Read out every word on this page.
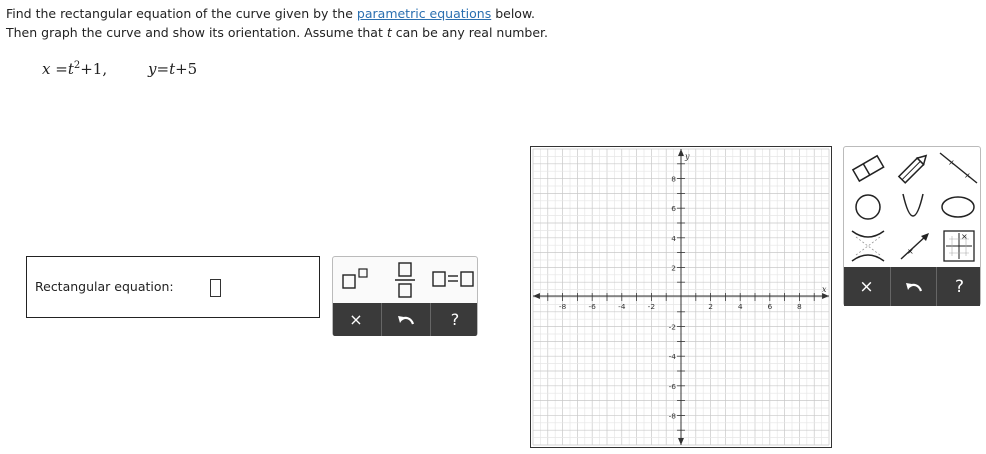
Find the rectangular equation of the curve given by the parametric equations below.
Then graph the curve and show its orientation. Assume that t can be any real number.
$x =t^2+1$,	y=t+5
Rectangular equation:
×	?
-8	-6	-4	-2	2	4	6	8
8
6
4
2
-2
-4
-6
-8
x
y
×
×
×
×
×	?
